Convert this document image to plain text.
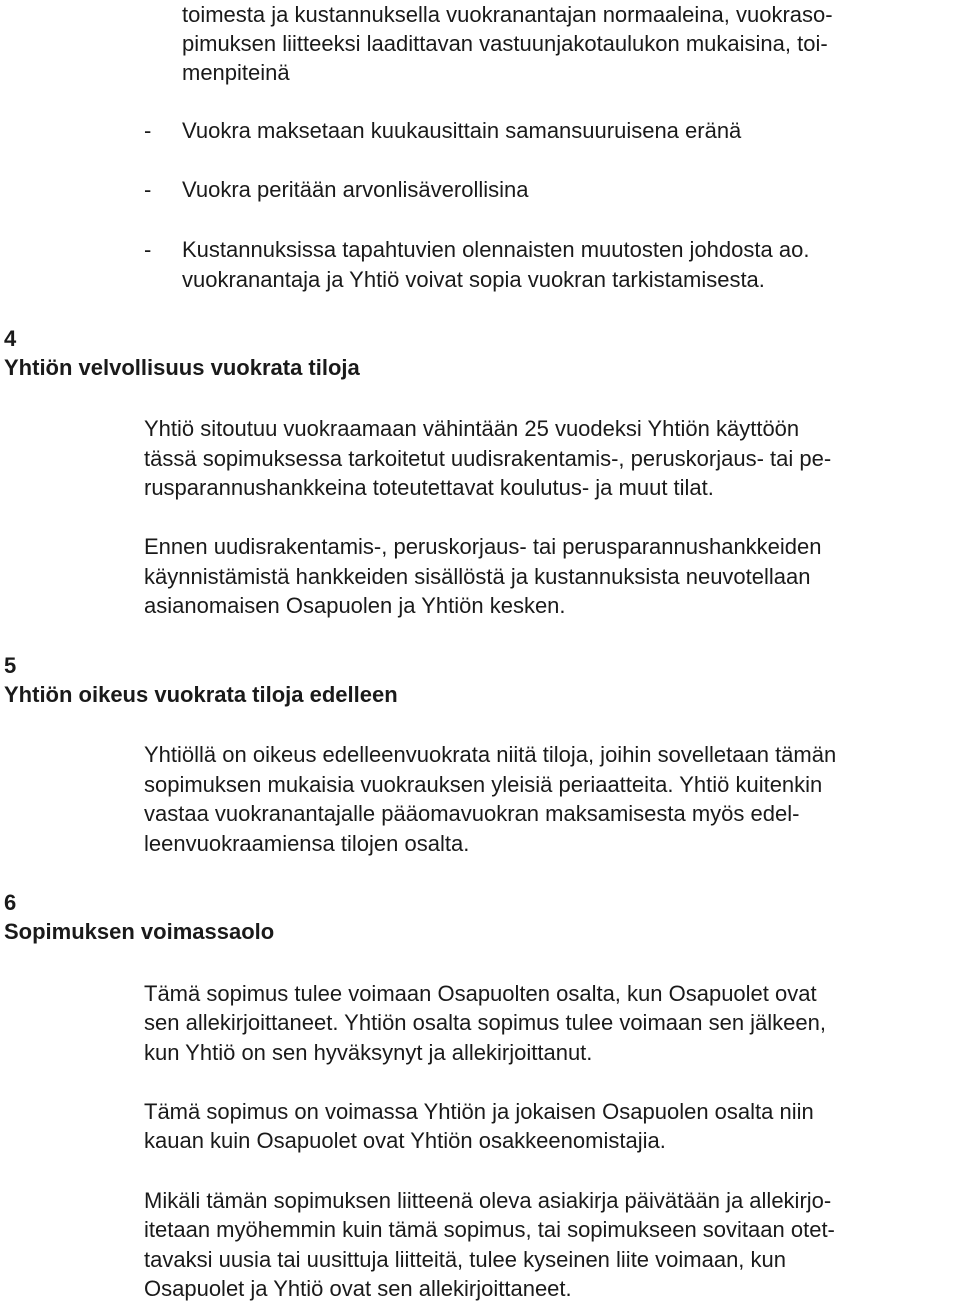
toimesta ja kustannuksella vuokranantajan normaaleina, vuokraso-
pimuksen liitteeksi laadittavan vastuunjakotaulukon mukaisina, toi-
menpiteinä
- Vuokra maksetaan kuukausittain samansuuruisena eränä
- Vuokra peritään arvonlisäverollisina
- Kustannuksissa tapahtuvien olennaisten muutosten johdosta ao.
vuokranantaja ja Yhtiö voivat sopia vuokran tarkistamisesta.
4
Yhtiön velvollisuus vuokrata tiloja
Yhtiö sitoutuu vuokraamaan vähintään 25 vuodeksi Yhtiön käyttöön
tässä sopimuksessa tarkoitetut uudisrakentamis-, peruskorjaus- tai pe-
rusparannushankkeina toteutettavat koulutus- ja muut tilat.
Ennen uudisrakentamis-, peruskorjaus- tai perusparannushankkeiden
käynnistämistä hankkeiden sisällöstä ja kustannuksista neuvotellaan
asianomaisen Osapuolen ja Yhtiön kesken.
5
Yhtiön oikeus vuokrata tiloja edelleen
Yhtiöllä on oikeus edelleenvuokrata niitä tiloja, joihin sovelletaan tämän
sopimuksen mukaisia vuokrauksen yleisiä periaatteita. Yhtiö kuitenkin
vastaa vuokranantajalle pääomavuokran maksamisesta myös edel-
leenvuokraamiensa tilojen osalta.
6
Sopimuksen voimassaolo
Tämä sopimus tulee voimaan Osapuolten osalta, kun Osapuolet ovat
sen allekirjoittaneet. Yhtiön osalta sopimus tulee voimaan sen jälkeen,
kun Yhtiö on sen hyväksynyt ja allekirjoittanut.
Tämä sopimus on voimassa Yhtiön ja jokaisen Osapuolen osalta niin
kauan kuin Osapuolet ovat Yhtiön osakkeenomistajia.
Mikäli tämän sopimuksen liitteenä oleva asiakirja päivätään ja allekirjo-
itetaan myöhemmin kuin tämä sopimus, tai sopimukseen sovitaan otet-
tavaksi uusia tai uusittuja liitteitä, tulee kyseinen liite voimaan, kun
Osapuolet ja Yhtiö ovat sen allekirjoittaneet.
